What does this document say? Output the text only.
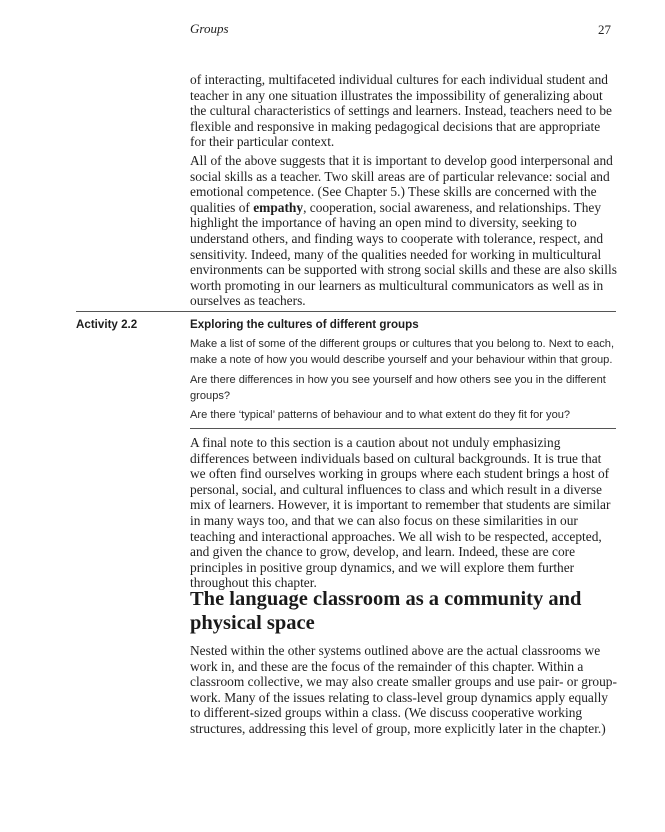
Groups	27

of interacting, multifaceted individual cultures for each individual student and teacher in any one situation illustrates the impossibility of generalizing about the cultural characteristics of settings and learners. Instead, teachers need to be flexible and responsive in making pedagogical decisions that are appropriate for their particular context.

All of the above suggests that it is important to develop good interpersonal and social skills as a teacher. Two skill areas are of particular relevance: social and emotional competence. (See Chapter 5.) These skills are concerned with the qualities of empathy, cooperation, social awareness, and relationships. They highlight the importance of having an open mind to diversity, seeking to understand others, and finding ways to cooperate with tolerance, respect, and sensitivity. Indeed, many of the qualities needed for working in multicultural environments can be supported with strong social skills and these are also skills worth promoting in our learners as multicultural communicators as well as in ourselves as teachers.

Activity 2.2	Exploring the cultures of different groups

Make a list of some of the different groups or cultures that you belong to. Next to each, make a note of how you would describe yourself and your behaviour within that group.

Are there differences in how you see yourself and how others see you in the different groups?

Are there ‘typical’ patterns of behaviour and to what extent do they fit for you?

A final note to this section is a caution about not unduly emphasizing differences between individuals based on cultural backgrounds. It is true that we often find ourselves working in groups where each student brings a host of personal, social, and cultural influences to class and which result in a diverse mix of learners. However, it is important to remember that students are similar in many ways too, and that we can also focus on these similarities in our teaching and interactional approaches. We all wish to be respected, accepted, and given the chance to grow, develop, and learn. Indeed, these are core principles in positive group dynamics, and we will explore them further throughout this chapter.

The language classroom as a community and physical space

Nested within the other systems outlined above are the actual classrooms we work in, and these are the focus of the remainder of this chapter. Within a classroom collective, we may also create smaller groups and use pair- or group-work. Many of the issues relating to class-level group dynamics apply equally to different-sized groups within a class. (We discuss cooperative working structures, addressing this level of group, more explicitly later in the chapter.)
